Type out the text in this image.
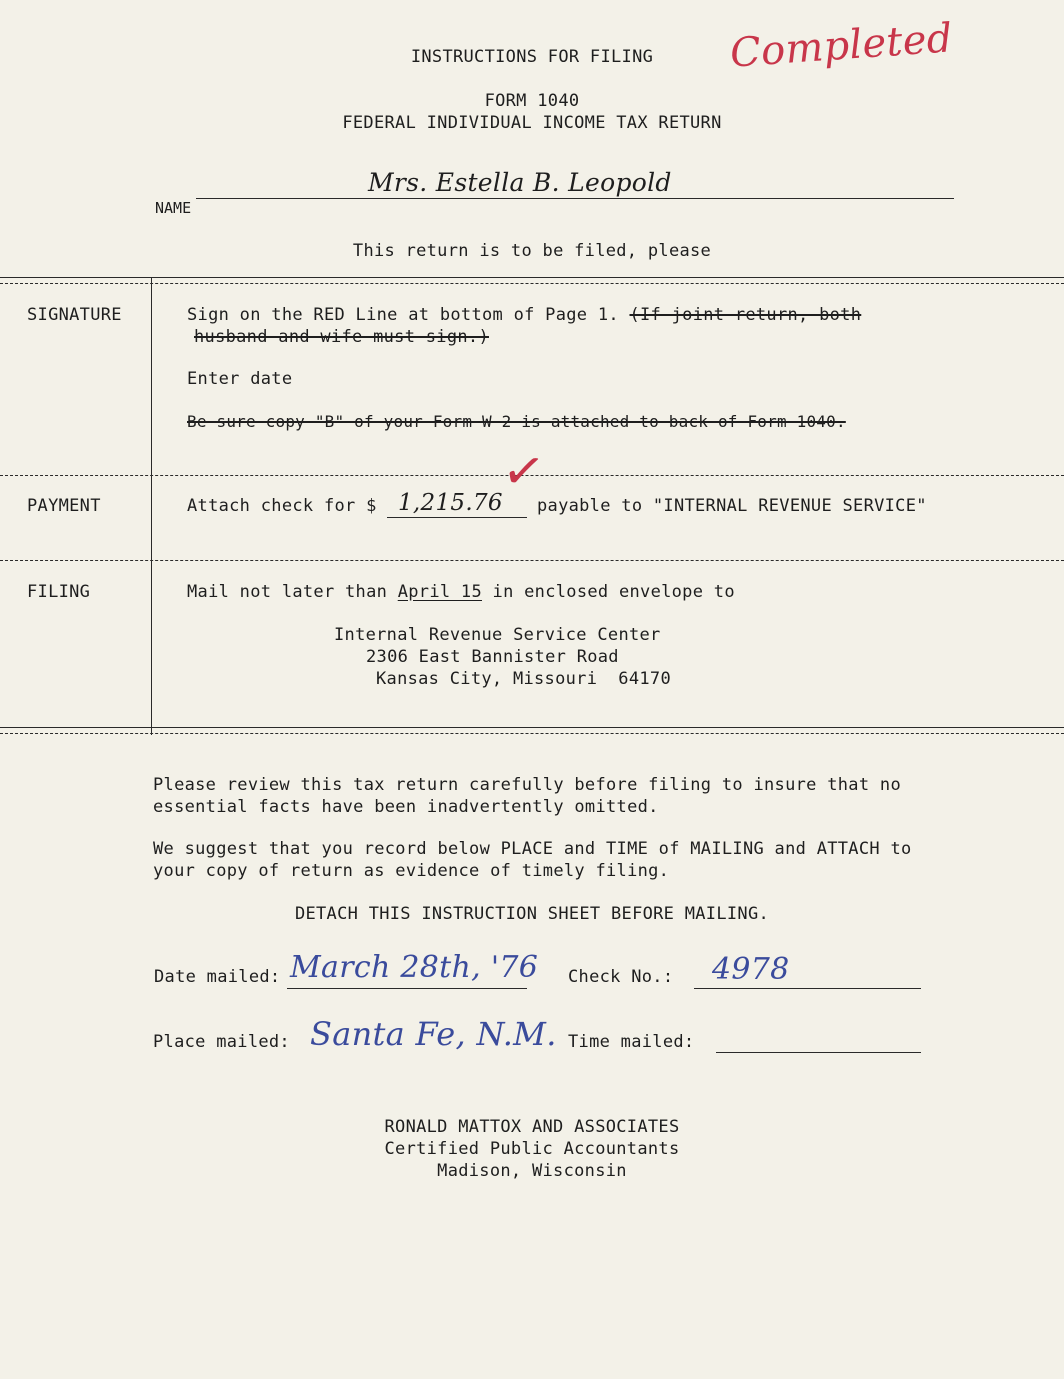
INSTRUCTIONS FOR FILING	Completed
FORM 1040
FEDERAL INDIVIDUAL INCOME TAX RETURN
Mrs. Estella B. Leopold
NAME
This return is to be filed, please
SIGNATURE	Sign on the RED Line at bottom of Page 1. (If joint return, both
husband and wife must sign.)
Enter date
Be sure copy "B" of your Form W-2 is attached to back of Form 1040.
PAYMENT	Attach check for $ 1,215.76
✓
payable to "INTERNAL REVENUE SERVICE"
FILING	Mail not later than April 15 in enclosed envelope to
Internal Revenue Service Center
2306 East Bannister Road
Kansas City, Missouri  64170
Please review this tax return carefully before filing to insure that no
essential facts have been inadvertently omitted.
We suggest that you record below PLACE and TIME of MAILING and ATTACH to
your copy of return as evidence of timely filing.
DETACH THIS INSTRUCTION SHEET BEFORE MAILING.
Date mailed: March 28th, '76 Check No.: 4978
Place mailed: Santa Fe, N.M. Time mailed:
RONALD MATTOX AND ASSOCIATES
Certified Public Accountants
Madison, Wisconsin
